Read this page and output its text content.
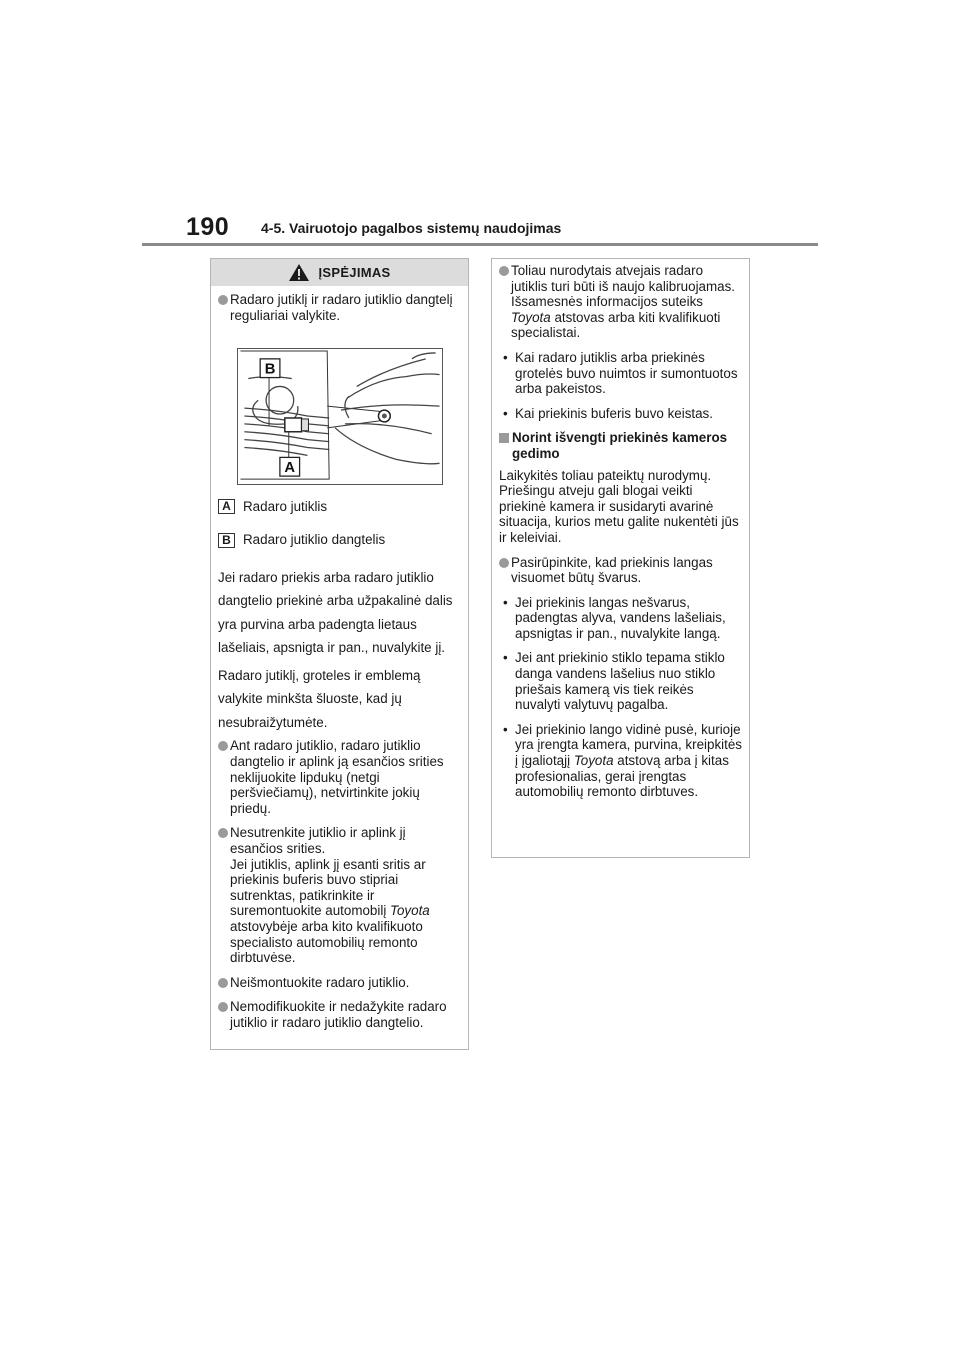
190 4-5. Vairuotojo pagalbos sistemų naudojimas
ĮSPĖJIMAS
Radaro jutiklį ir radaro jutiklio dangtelį reguliariai valykite.
B
A
A Radaro jutiklis
B Radaro jutiklio dangtelis
Jei radaro priekis arba radaro jutiklio dangtelio priekinė arba užpakalinė dalis yra purvina arba padengta lietaus lašeliais, apsnigta ir pan., nuvalykite jį.
Radaro jutiklį, groteles ir emblemą valykite minkšta šluoste, kad jų nesubraižytumėte.
Ant radaro jutiklio, radaro jutiklio dangtelio ir aplink ją esančios srities neklijuokite lipdukų (netgi peršviečiamų), netvirtinkite jokių priedų.
Nesutrenkite jutiklio ir aplink jį esančios srities.
Jei jutiklis, aplink jį esanti sritis ar priekinis buferis buvo stipriai sutrenktas, patikrinkite ir suremontuokite automobilį Toyota atstovybėje arba kito kvalifikuoto specialisto automobilių remonto dirbtuvėse.
Neišmontuokite radaro jutiklio.
Nemodifikuokite ir nedažykite radaro jutiklio ir radaro jutiklio dangtelio.
Toliau nurodytais atvejais radaro jutiklis turi būti iš naujo kalibruojamas. Išsamesnės informacijos suteiks Toyota atstovas arba kiti kvalifikuoti specialistai.
• Kai radaro jutiklis arba priekinės grotelės buvo nuimtos ir sumontuotos arba pakeistos.
• Kai priekinis buferis buvo keistas.
Norint išvengti priekinės kameros gedimo
Laikykitės toliau pateiktų nurodymų. Priešingu atveju gali blogai veikti priekinė kamera ir susidaryti avarinė situacija, kurios metu galite nukentėti jūs ir keleiviai.
Pasirūpinkite, kad priekinis langas visuomet būtų švarus.
• Jei priekinis langas nešvarus, padengtas alyva, vandens lašeliais, apsnigtas ir pan., nuvalykite langą.
• Jei ant priekinio stiklo tepama stiklo danga vandens lašelius nuo stiklo priešais kamerą vis tiek reikės nuvalyti valytuvų pagalba.
• Jei priekinio lango vidinė pusė, kurioje yra įrengta kamera, purvina, kreipkitės į įgaliotąjį Toyota atstovą arba į kitas profesionalias, gerai įrengtas automobilių remonto dirbtuves.
